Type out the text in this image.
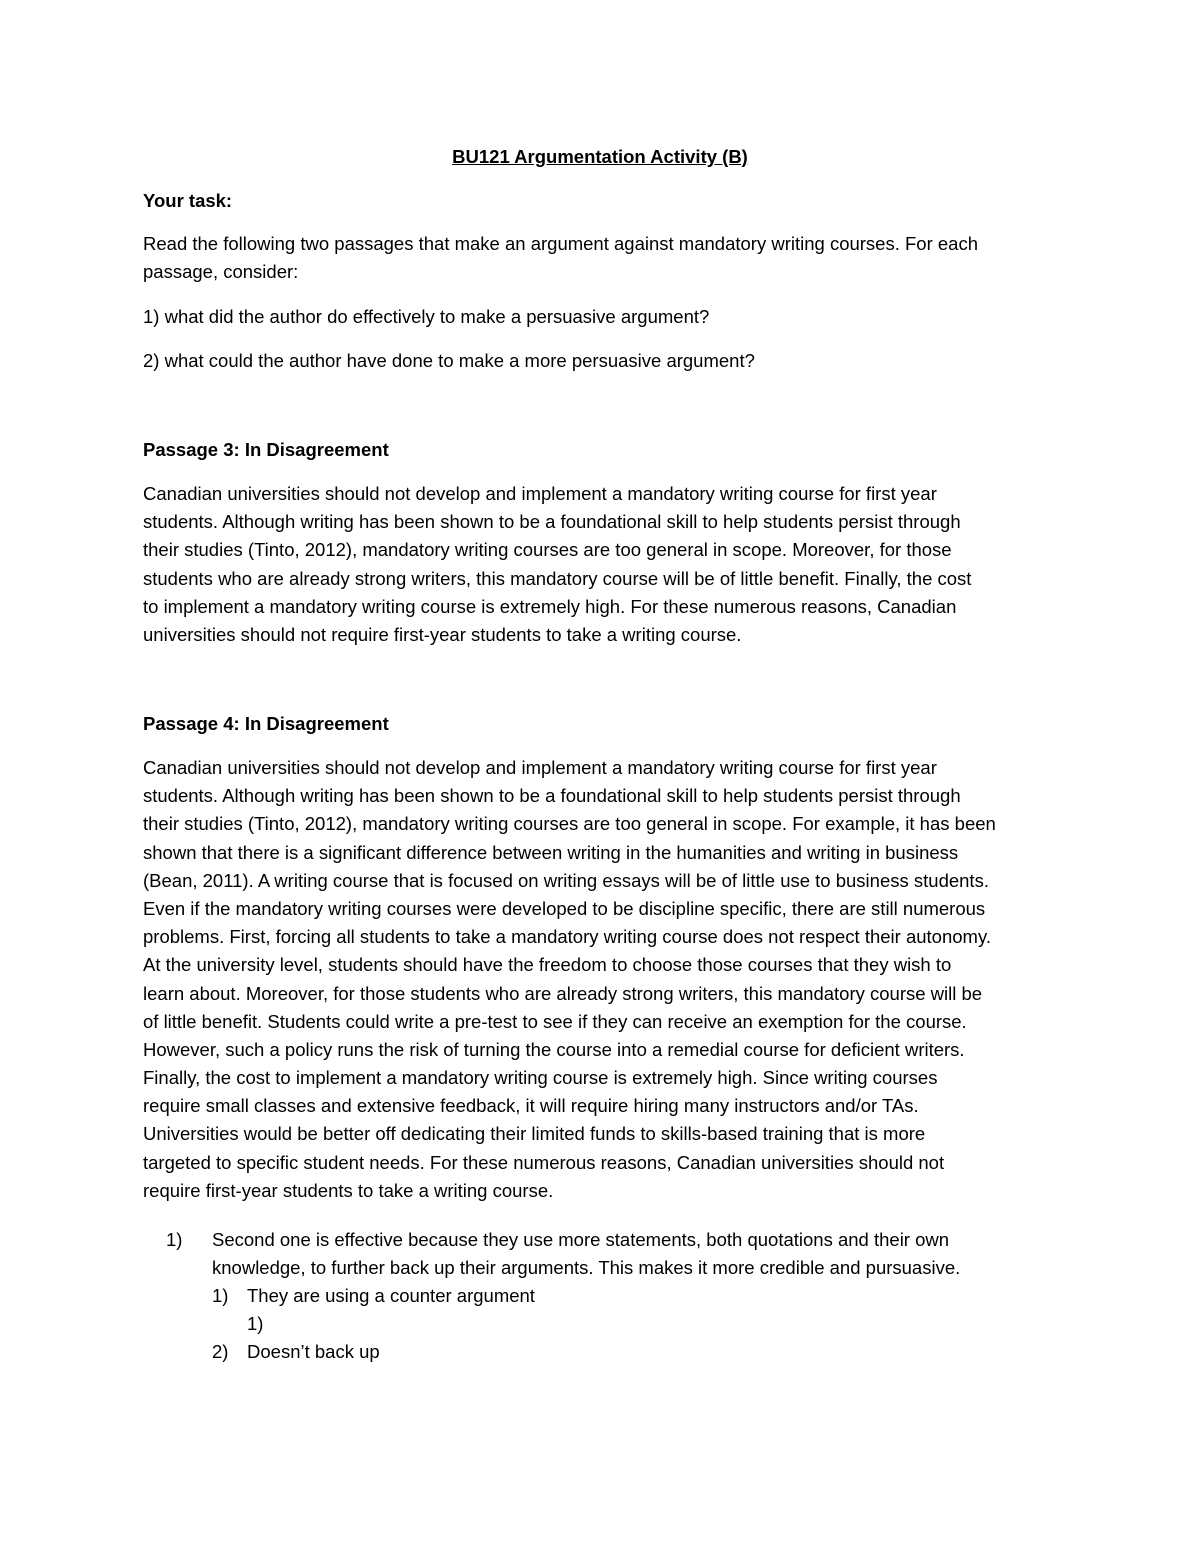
BU121 Argumentation Activity (B)
Your task:
Read the following two passages that make an argument against mandatory writing courses. For each
passage, consider:
1) what did the author do effectively to make a persuasive argument?
2) what could the author have done to make a more persuasive argument?
Passage 3: In Disagreement
Canadian universities should not develop and implement a mandatory writing course for first year
students. Although writing has been shown to be a foundational skill to help students persist through
their studies (Tinto, 2012), mandatory writing courses are too general in scope. Moreover, for those
students who are already strong writers, this mandatory course will be of little benefit. Finally, the cost
to implement a mandatory writing course is extremely high. For these numerous reasons, Canadian
universities should not require first-year students to take a writing course.
Passage 4: In Disagreement
Canadian universities should not develop and implement a mandatory writing course for first year
students. Although writing has been shown to be a foundational skill to help students persist through
their studies (Tinto, 2012), mandatory writing courses are too general in scope. For example, it has been
shown that there is a significant difference between writing in the humanities and writing in business
(Bean, 2011). A writing course that is focused on writing essays will be of little use to business students.
Even if the mandatory writing courses were developed to be discipline specific, there are still numerous
problems. First, forcing all students to take a mandatory writing course does not respect their autonomy.
At the university level, students should have the freedom to choose those courses that they wish to
learn about. Moreover, for those students who are already strong writers, this mandatory course will be
of little benefit. Students could write a pre-test to see if they can receive an exemption for the course.
However, such a policy runs the risk of turning the course into a remedial course for deficient writers.
Finally, the cost to implement a mandatory writing course is extremely high. Since writing courses
require small classes and extensive feedback, it will require hiring many instructors and/or TAs.
Universities would be better off dedicating their limited funds to skills-based training that is more
targeted to specific student needs. For these numerous reasons, Canadian universities should not
require first-year students to take a writing course.
1) Second one is effective because they use more statements, both quotations and their own
knowledge, to further back up their arguments. This makes it more credible and pursuasive.
1) They are using a counter argument
1)
2) Doesn’t back up
